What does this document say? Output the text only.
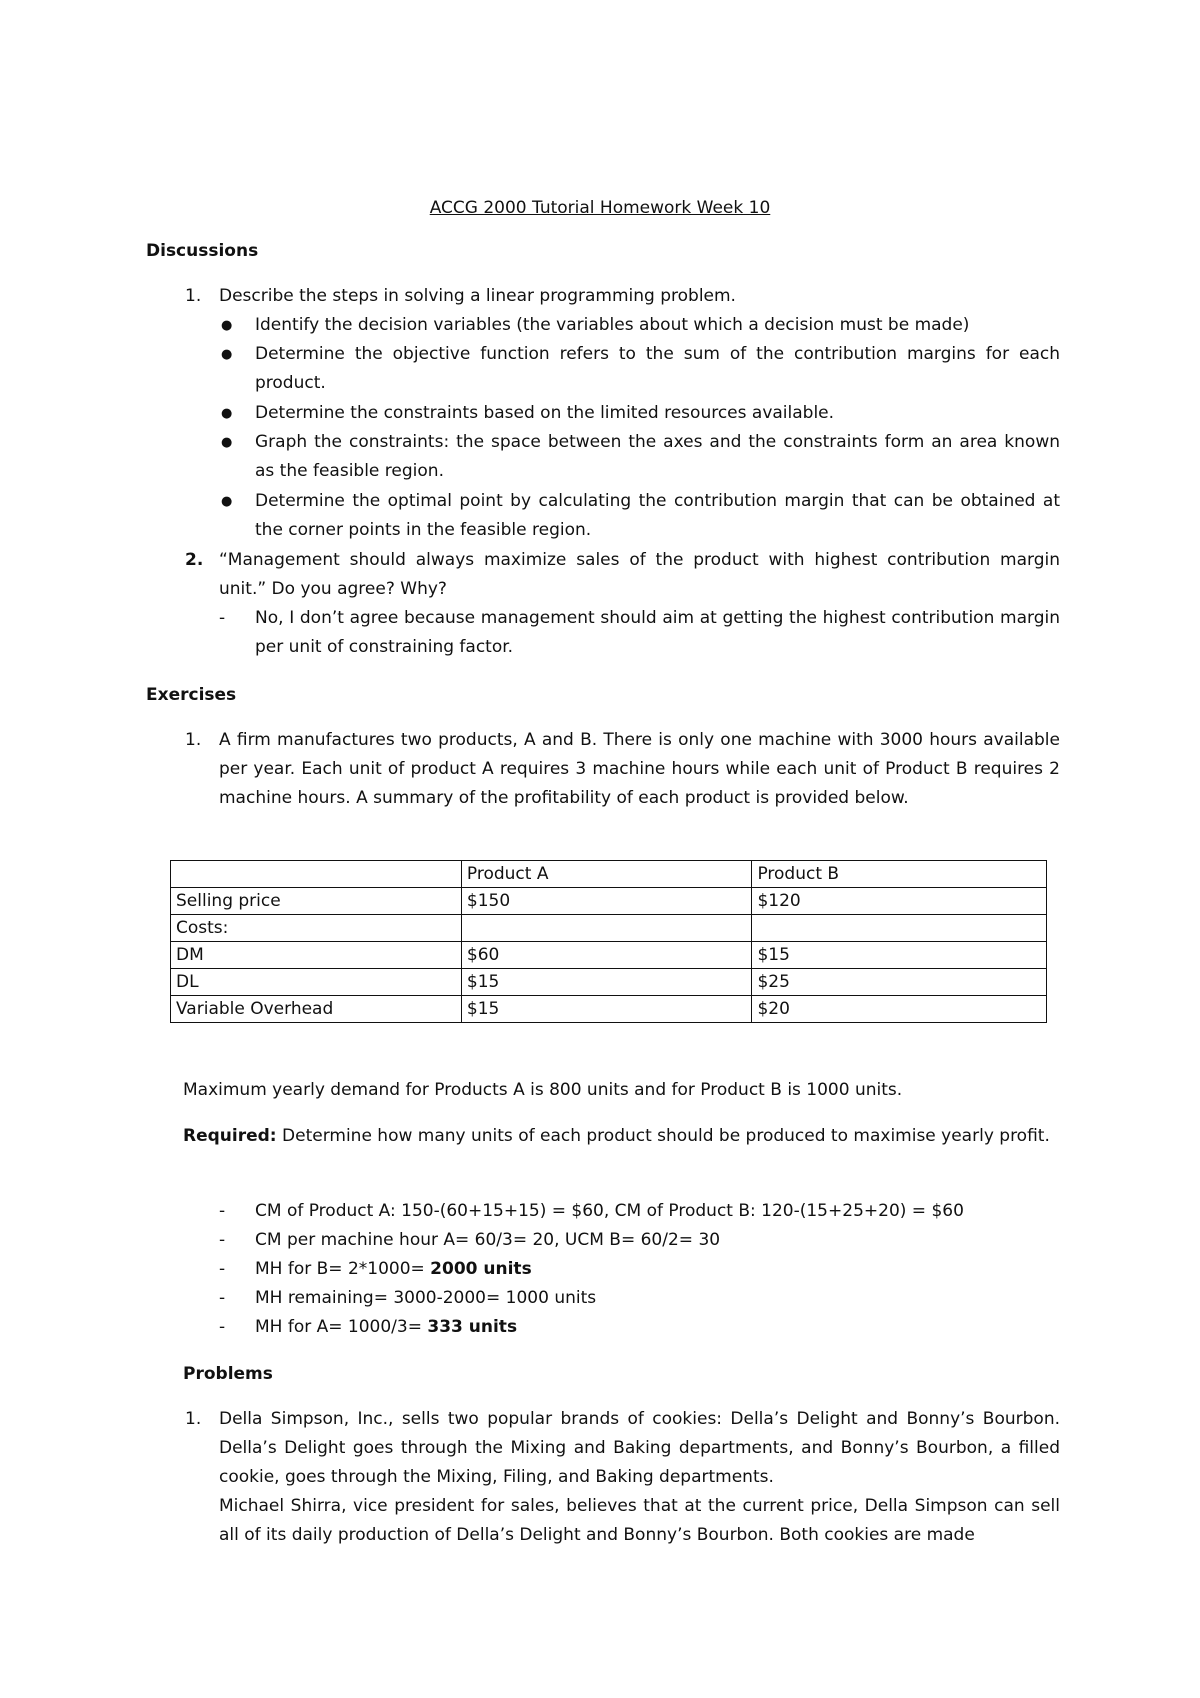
ACCG 2000 Tutorial Homework Week 10
Discussions
1. Describe the steps in solving a linear programming problem.
● Identify the decision variables (the variables about which a decision must be made)
● Determine the objective function refers to the sum of the contribution margins for each product.
● Determine the constraints based on the limited resources available.
● Graph the constraints: the space between the axes and the constraints form an area known as the feasible region.
● Determine the optimal point by calculating the contribution margin that can be obtained at the corner points in the feasible region.
2. “Management should always maximize sales of the product with highest contribution margin unit.” Do you agree? Why?
- No, I don’t agree because management should aim at getting the highest contribution margin per unit of constraining factor.
Exercises
1. A firm manufactures two products, A and B. There is only one machine with 3000 hours available per year. Each unit of product A requires 3 machine hours while each unit of Product B requires 2 machine hours. A summary of the profitability of each product is provided below.
	Product A	Product B
Selling price	$150	$120
Costs:		
DM	$60	$15
DL	$15	$25
Variable Overhead	$15	$20
Maximum yearly demand for Products A is 800 units and for Product B is 1000 units.
Required: Determine how many units of each product should be produced to maximise yearly profit.
- CM of Product A: 150-(60+15+15) = $60, CM of Product B: 120-(15+25+20) = $60
- CM per machine hour A= 60/3= 20, UCM B= 60/2= 30
- MH for B= 2*1000= 2000 units
- MH remaining= 3000-2000= 1000 units
- MH for A= 1000/3= 333 units
Problems
1. Della Simpson, Inc., sells two popular brands of cookies: Della’s Delight and Bonny’s Bourbon. Della’s Delight goes through the Mixing and Baking departments, and Bonny’s Bourbon, a filled cookie, goes through the Mixing, Filing, and Baking departments.
Michael Shirra, vice president for sales, believes that at the current price, Della Simpson can sell all of its daily production of Della’s Delight and Bonny’s Bourbon. Both cookies are made
